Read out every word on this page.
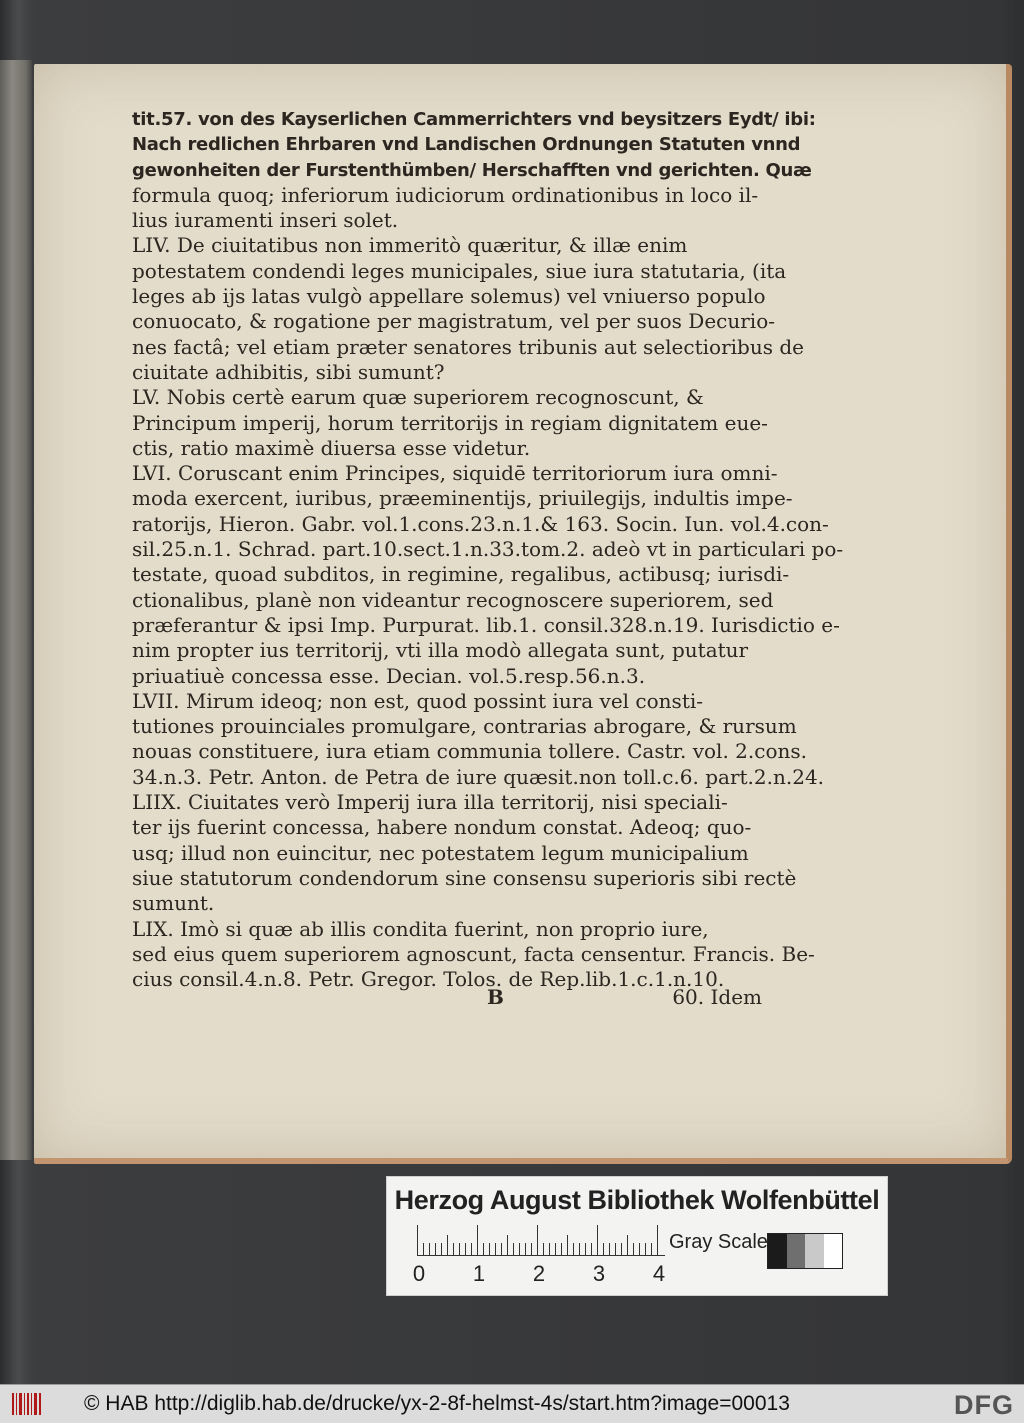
tit.57. von des Kayserlichen Cammerrichters vnd beysitzers Eydt/ ibi:
Nach redlichen Ehrbaren vnd Landischen Ordnungen Statuten vnnd
gewonheiten der Furstenthümben/ Herschafften vnd gerichten. Quæ
formula quoq; inferiorum iudiciorum ordinationibus in loco il-
lius iuramenti inseri solet.
LIV. De ciuitatibus non immeritò quæritur, & illæ enim
potestatem condendi leges municipales, siue iura statutaria, (ita
leges ab ijs latas vulgò appellare solemus) vel vniuerso populo
conuocato, & rogatione per magistratum, vel per suos Decurio-
nes factâ; vel etiam præter senatores tribunis aut selectioribus de
ciuitate adhibitis, sibi sumunt?
LV. Nobis certè earum quæ superiorem recognoscunt, &
Principum imperij, horum territorijs in regiam dignitatem eue-
ctis, ratio maximè diuersa esse videtur.
LVI. Coruscant enim Principes, siquidē territoriorum iura omni-
moda exercent, iuribus, præeminentijs, priuilegijs, indultis impe-
ratorijs, Hieron. Gabr. vol.1.cons.23.n.1.& 163. Socin. Iun. vol.4.con-
sil.25.n.1. Schrad. part.10.sect.1.n.33.tom.2. adeò vt in particulari po-
testate, quoad subditos, in regimine, regalibus, actibusq; iurisdi-
ctionalibus, planè non videantur recognoscere superiorem, sed
præferantur & ipsi Imp. Purpurat. lib.1. consil.328.n.19. Iurisdictio e-
nim propter ius territorij, vti illa modò allegata sunt, putatur
priuatiuè concessa esse. Decian. vol.5.resp.56.n.3.
LVII. Mirum ideoq; non est, quod possint iura vel consti-
tutiones prouinciales promulgare, contrarias abrogare, & rursum
nouas constituere, iura etiam communia tollere. Castr. vol. 2.cons.
34.n.3. Petr. Anton. de Petra de iure quæsit.non toll.c.6. part.2.n.24.
LIIX. Ciuitates verò Imperij iura illa territorij, nisi speciali-
ter ijs fuerint concessa, habere nondum constat. Adeoq; quo-
usq; illud non euincitur, nec potestatem legum municipalium
siue statutorum condendorum sine consensu superioris sibi rectè
sumunt.
LIX. Imò si quæ ab illis condita fuerint, non proprio iure,
sed eius quem superiorem agnoscunt, facta censentur. Francis. Be-
cius consil.4.n.8. Petr. Gregor. Tolos. de Rep.lib.1.c.1.n.10.
B	60. Idem
Herzog August Bibliothek Wolfenbüttel
0 1 2 3 4
Gray Scale
© HAB http://diglib.hab.de/drucke/yx-2-8f-helmst-4s/start.htm?image=00013	DFG
